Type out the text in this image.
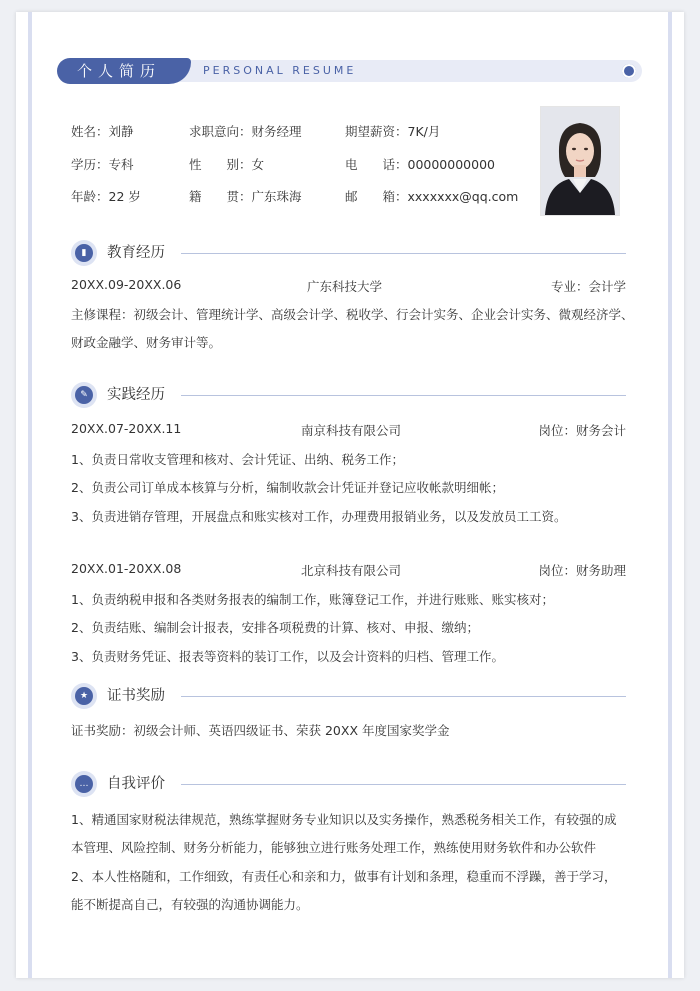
个人简历	PERSONAL RESUME
姓名：刘静	求职意向：财务经理	期望薪资：7K/月
学历：专科	性　　别：女	电　　话：00000000000
年龄：22 岁	籍　　贯：广东珠海	邮　　箱：xxxxxxx@qq.com
▮	教育经历
20XX.09-20XX.06	广东科技大学	专业：会计学
主修课程：初级会计、管理统计学、高级会计学、税收学、行会计实务、企业会计实务、微观经济学、
财政金融学、财务审计等。
✎	实践经历
20XX.07-20XX.11	南京科技有限公司	岗位：财务会计
1、负责日常收支管理和核对、会计凭证、出纳、税务工作；
2、负责公司订单成本核算与分析，编制收款会计凭证并登记应收帐款明细帐；
3、负责进销存管理，开展盘点和账实核对工作，办理费用报销业务，以及发放员工工资。
20XX.01-20XX.08	北京科技有限公司	岗位：财务助理
1、负责纳税申报和各类财务报表的编制工作，账簿登记工作，并进行账账、账实核对；
2、负责结账、编制会计报表，安排各项税费的计算、核对、申报、缴纳；
3、负责财务凭证、报表等资料的装订工作，以及会计资料的归档、管理工作。
★	证书奖励
证书奖励：初级会计师、英语四级证书、荣获 20XX 年度国家奖学金
…	自我评价
1、精通国家财税法律规范，熟练掌握财务专业知识以及实务操作，熟悉税务相关工作，有较强的成
本管理、风险控制、财务分析能力，能够独立进行账务处理工作，熟练使用财务软件和办公软件
2、本人性格随和，工作细致，有责任心和亲和力，做事有计划和条理，稳重而不浮躁，善于学习，
能不断提高自己，有较强的沟通协调能力。
